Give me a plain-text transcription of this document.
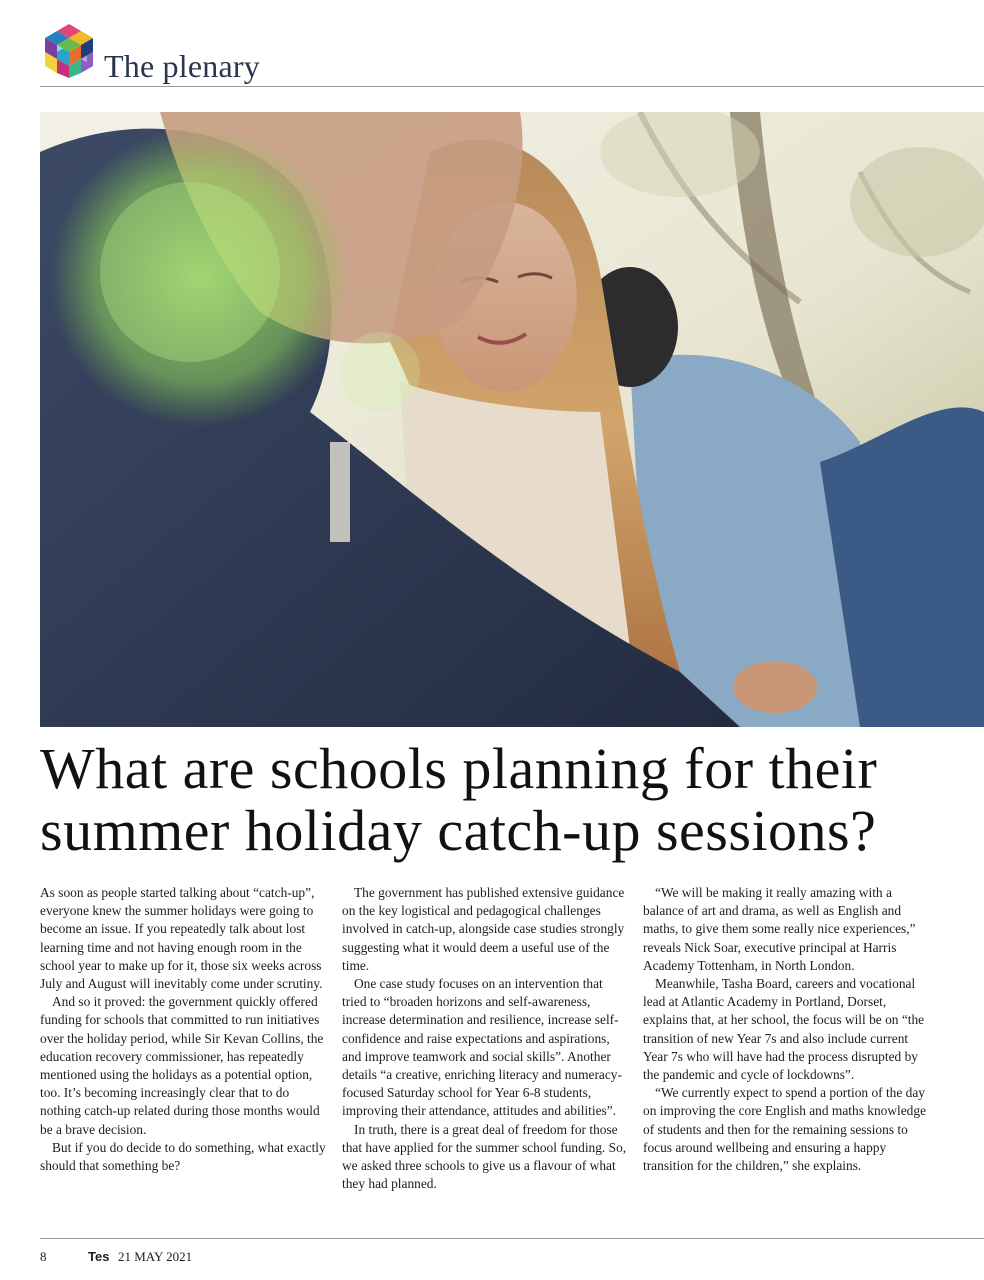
The plenary
What are schools planning for their
summer holiday catch-up sessions?

As soon as people started talking about “catch-up”, everyone knew the summer holidays were going to become an issue. If you repeatedly talk about lost learning time and not having enough room in the school year to make up for it, those six weeks across July and August will inevitably come under scrutiny.

And so it proved: the government quickly offered funding for schools that committed to run initiatives over the holiday period, while Sir Kevan Collins, the education recovery commissioner, has repeatedly mentioned using the holidays as a potential option, too. It’s becoming increasingly clear that to do nothing catch-up related during those months would be a brave decision.

But if you do decide to do something, what exactly should that something be?

The government has published extensive guidance on the key logistical and pedagogical challenges involved in catch-up, alongside case studies strongly suggesting what it would deem a useful use of the time.

One case study focuses on an intervention that tried to “broaden horizons and self-awareness, increase determination and resilience, increase self-confidence and raise expectations and aspirations, and improve teamwork and social skills”. Another details “a creative, enriching literacy and numeracy-focused Saturday school for Year 6-8 students, improving their attendance, attitudes and abilities”.

In truth, there is a great deal of freedom for those that have applied for the summer school funding. So, we asked three schools to give us a flavour of what they had planned.

“We will be making it really amazing with a balance of art and drama, as well as English and maths, to give them some really nice experiences,” reveals Nick Soar, executive principal at Harris Academy Tottenham, in North London.

Meanwhile, Tasha Board, careers and vocational lead at Atlantic Academy in Portland, Dorset, explains that, at her school, the focus will be on “the transition of new Year 7s and also include current Year 7s who will have had the process disrupted by the pandemic and cycle of lockdowns”.

“We currently expect to spend a portion of the day on improving the core English and maths knowledge of students and then for the remaining sessions to focus around wellbeing and ensuring a happy transition for the children,” she explains.

8	Tes 21 MAY 2021
